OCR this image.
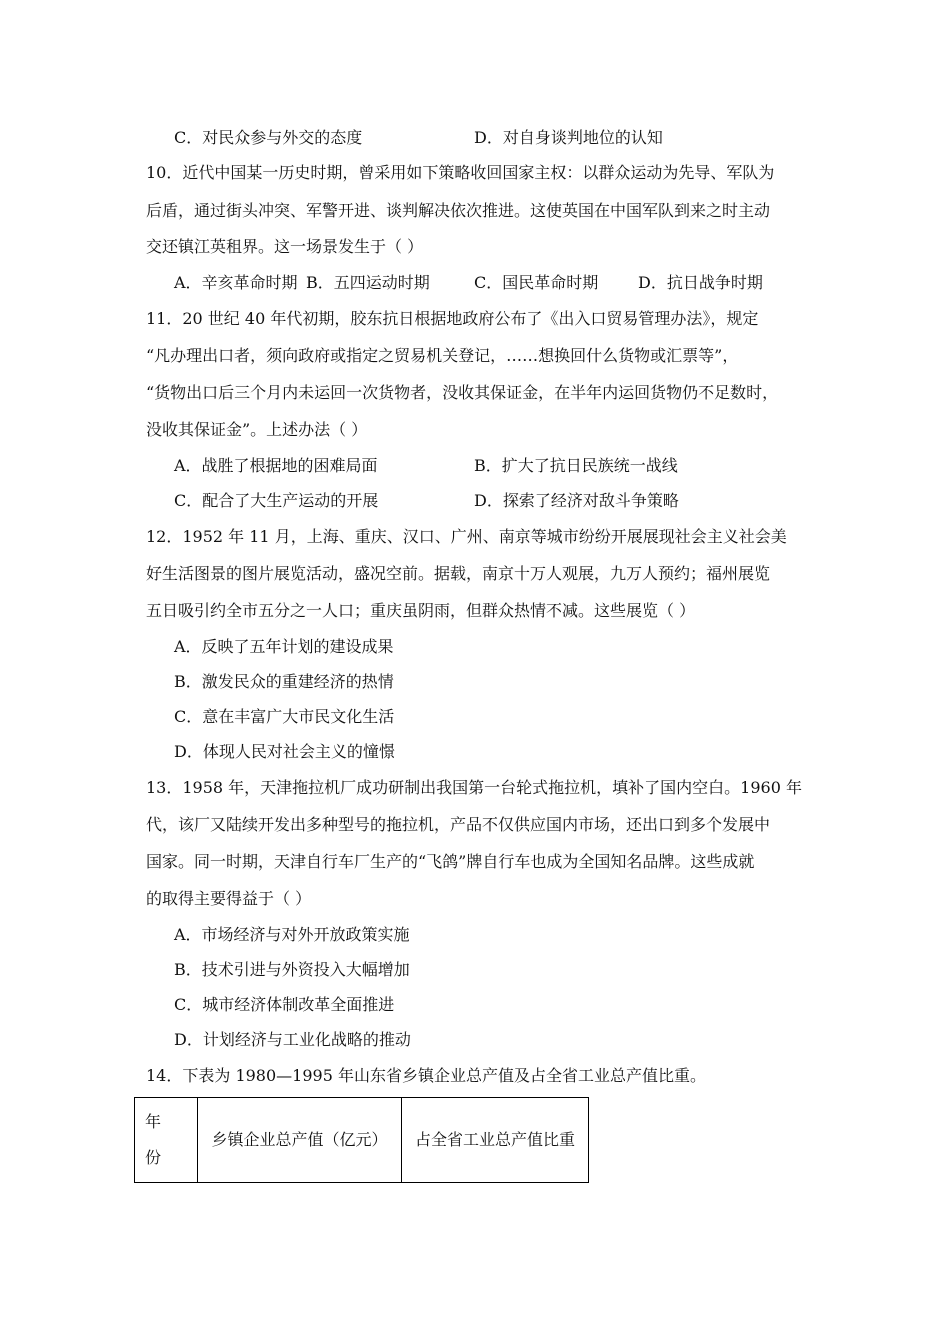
C．对民众参与外交的态度	D．对自身谈判地位的认知
10．近代中国某一历史时期，曾采用如下策略收回国家主权：以群众运动为先导、军队为
后盾，通过街头冲突、军警开进、谈判解决依次推进。这使英国在中国军队到来之时主动
交还镇江英租界。这一场景发生于（ ）
A．辛亥革命时期 B．五四运动时期	C．国民革命时期 D．抗日战争时期
11．20 世纪 40 年代初期，胶东抗日根据地政府公布了《出入口贸易管理办法》，规定
“凡办理出口者，须向政府或指定之贸易机关登记，……想换回什么货物或汇票等”，
“货物出口后三个月内未运回一次货物者，没收其保证金，在半年内运回货物仍不足数时，
没收其保证金”。上述办法（ ）
A．战胜了根据地的困难局面	B．扩大了抗日民族统一战线
C．配合了大生产运动的开展	D．探索了经济对敌斗争策略
12．1952 年 11 月，上海、重庆、汉口、广州、南京等城市纷纷开展展现社会主义社会美
好生活图景的图片展览活动，盛况空前。据载，南京十万人观展，九万人预约；福州展览
五日吸引约全市五分之一人口；重庆虽阴雨，但群众热情不减。这些展览（ ）
A．反映了五年计划的建设成果
B．激发民众的重建经济的热情
C．意在丰富广大市民文化生活
D．体现人民对社会主义的憧憬
13．1958 年，天津拖拉机厂成功研制出我国第一台轮式拖拉机，填补了国内空白。1960 年
代，该厂又陆续开发出多种型号的拖拉机，产品不仅供应国内市场，还出口到多个发展中
国家。同一时期，天津自行车厂生产的“飞鸽”牌自行车也成为全国知名品牌。这些成就
的取得主要得益于（ ）
A．市场经济与对外开放政策实施
B．技术引进与外资投入大幅增加
C．城市经济体制改革全面推进
D．计划经济与工业化战略的推动
14．下表为 1980—1995 年山东省乡镇企业总产值及占全省工业总产值比重。
年
份
	乡镇企业总产值（亿元）	占全省工业总产值比重
